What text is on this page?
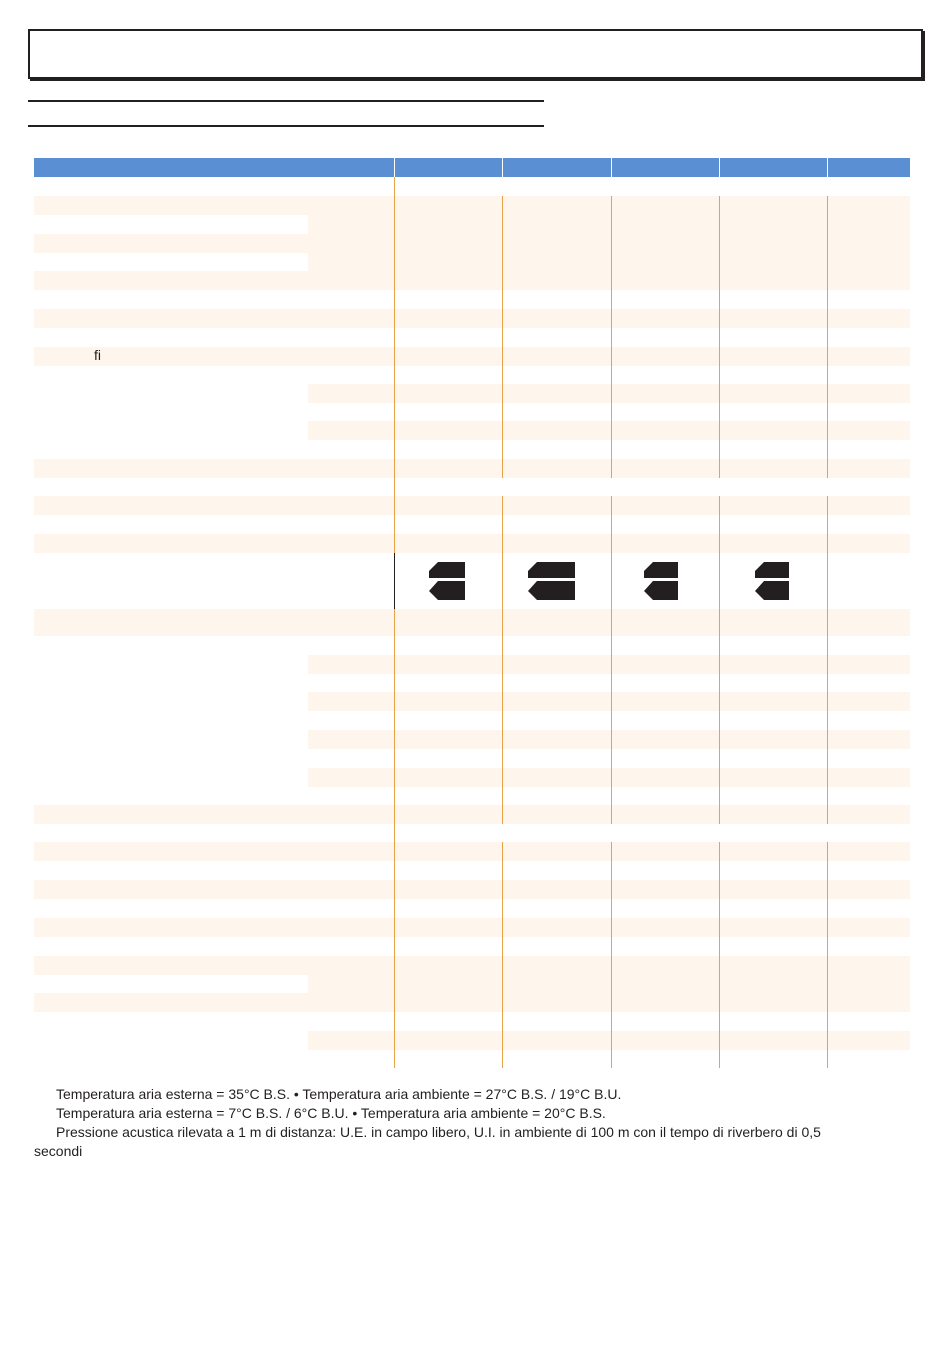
fi
Temperatura aria esterna = 35°C B.S. • Temperatura aria ambiente = 27°C B.S. / 19°C B.U.
Temperatura aria esterna = 7°C B.S. / 6°C B.U. • Temperatura aria ambiente = 20°C B.S.
Pressione acustica rilevata a 1 m di distanza: U.E. in campo libero, U.I. in ambiente di 100 m con il tempo di riverbero di 0,5
secondi
